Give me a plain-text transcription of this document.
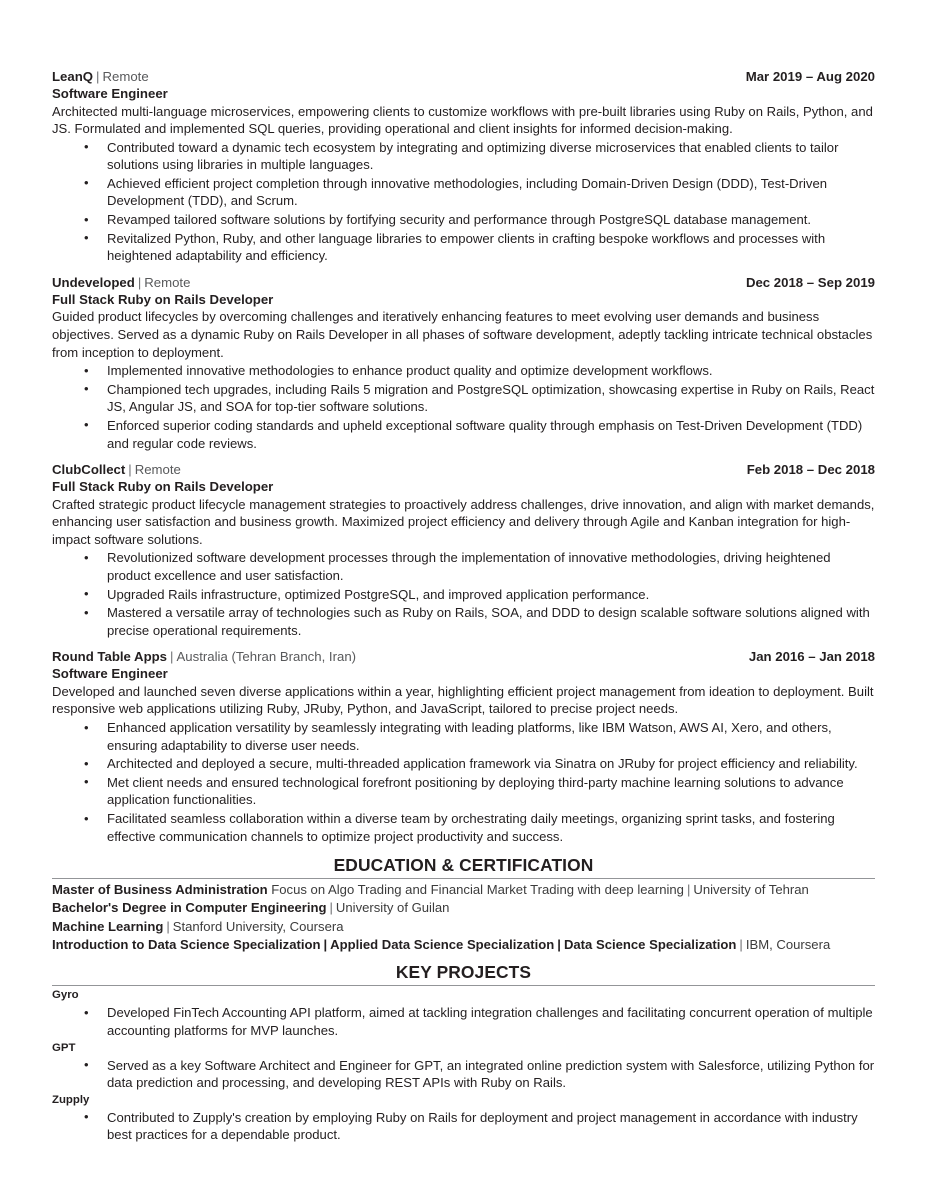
LeanQ | Remote	Mar 2019 – Aug 2020
Software Engineer
Architected multi-language microservices, empowering clients to customize workflows with pre-built libraries using Ruby on Rails, Python, and JS. Formulated and implemented SQL queries, providing operational and client insights for informed decision-making.
• Contributed toward a dynamic tech ecosystem by integrating and optimizing diverse microservices that enabled clients to tailor solutions using libraries in multiple languages.
• Achieved efficient project completion through innovative methodologies, including Domain-Driven Design (DDD), Test-Driven Development (TDD), and Scrum.
• Revamped tailored software solutions by fortifying security and performance through PostgreSQL database management.
• Revitalized Python, Ruby, and other language libraries to empower clients in crafting bespoke workflows and processes with heightened adaptability and efficiency.
Undeveloped | Remote	Dec 2018 – Sep 2019
Full Stack Ruby on Rails Developer
Guided product lifecycles by overcoming challenges and iteratively enhancing features to meet evolving user demands and business objectives. Served as a dynamic Ruby on Rails Developer in all phases of software development, adeptly tackling intricate technical obstacles from inception to deployment.
• Implemented innovative methodologies to enhance product quality and optimize development workflows.
• Championed tech upgrades, including Rails 5 migration and PostgreSQL optimization, showcasing expertise in Ruby on Rails, React JS, Angular JS, and SOA for top-tier software solutions.
• Enforced superior coding standards and upheld exceptional software quality through emphasis on Test-Driven Development (TDD) and regular code reviews.
ClubCollect | Remote	Feb 2018 – Dec 2018
Full Stack Ruby on Rails Developer
Crafted strategic product lifecycle management strategies to proactively address challenges, drive innovation, and align with market demands, enhancing user satisfaction and business growth. Maximized project efficiency and delivery through Agile and Kanban integration for high-impact software solutions.
• Revolutionized software development processes through the implementation of innovative methodologies, driving heightened product excellence and user satisfaction.
• Upgraded Rails infrastructure, optimized PostgreSQL, and improved application performance.
• Mastered a versatile array of technologies such as Ruby on Rails, SOA, and DDD to design scalable software solutions aligned with precise operational requirements.
Round Table Apps | Australia (Tehran Branch, Iran)	Jan 2016 – Jan 2018
Software Engineer
Developed and launched seven diverse applications within a year, highlighting efficient project management from ideation to deployment. Built responsive web applications utilizing Ruby, JRuby, Python, and JavaScript, tailored to precise project needs.
• Enhanced application versatility by seamlessly integrating with leading platforms, like IBM Watson, AWS AI, Xero, and others, ensuring adaptability to diverse user needs.
• Architected and deployed a secure, multi-threaded application framework via Sinatra on JRuby for project efficiency and reliability.
• Met client needs and ensured technological forefront positioning by deploying third-party machine learning solutions to advance application functionalities.
• Facilitated seamless collaboration within a diverse team by orchestrating daily meetings, organizing sprint tasks, and fostering effective communication channels to optimize project productivity and success.
EDUCATION & CERTIFICATION
Master of Business Administration Focus on Algo Trading and Financial Market Trading with deep learning | University of Tehran
Bachelor's Degree in Computer Engineering | University of Guilan
Machine Learning | Stanford University, Coursera
Introduction to Data Science Specialization | Applied Data Science Specialization | Data Science Specialization | IBM, Coursera
KEY PROJECTS
Gyro
• Developed FinTech Accounting API platform, aimed at tackling integration challenges and facilitating concurrent operation of multiple accounting platforms for MVP launches.
GPT
• Served as a key Software Architect and Engineer for GPT, an integrated online prediction system with Salesforce, utilizing Python for data prediction and processing, and developing REST APIs with Ruby on Rails.
Zupply
• Contributed to Zupply's creation by employing Ruby on Rails for deployment and project management in accordance with industry best practices for a dependable product.
